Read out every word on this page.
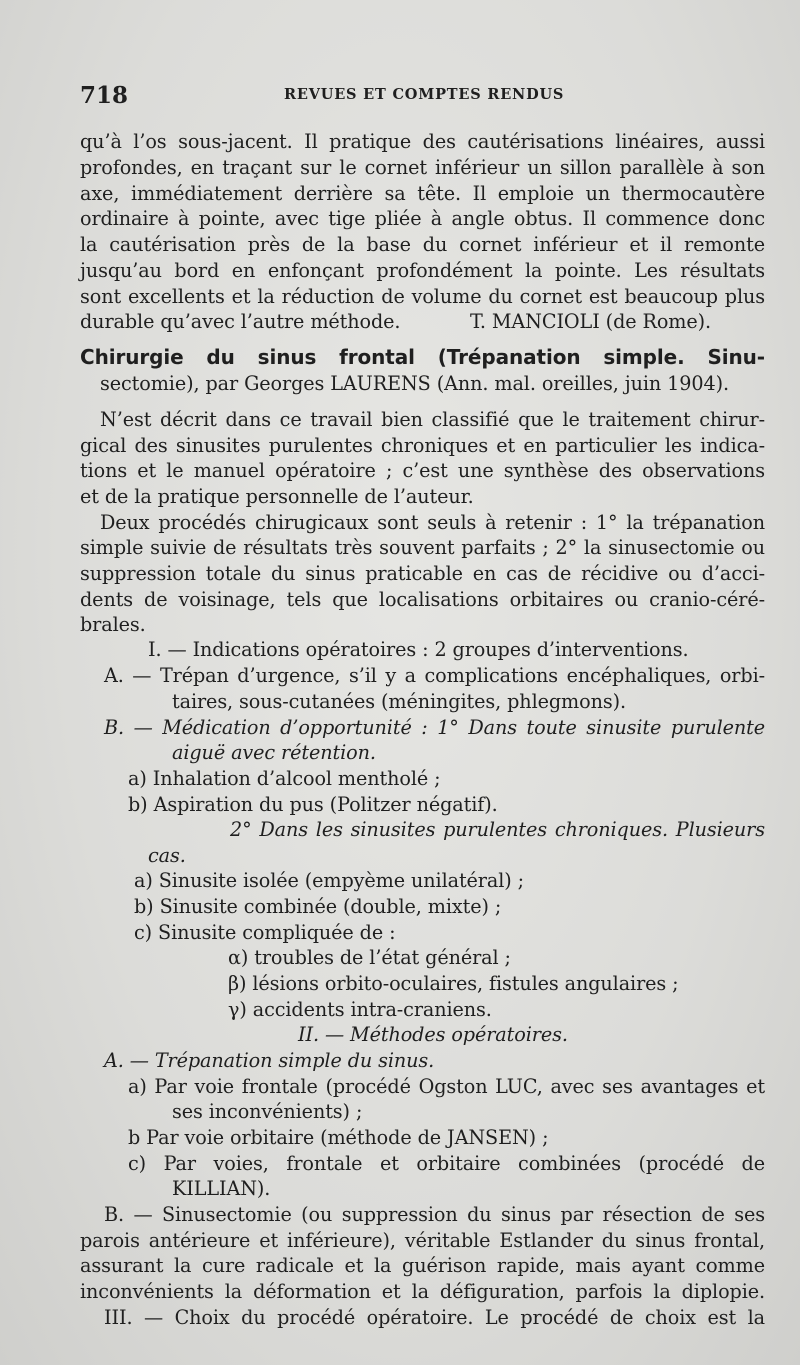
718	REVUES ET COMPTES RENDUS
qu’à l’os sous-jacent. Il pratique des cautérisations linéaires, aussi
profondes, en traçant sur le cornet inférieur un sillon parallèle à son
axe, immédiatement derrière sa tête. Il emploie un thermocautère
ordinaire à pointe, avec tige pliée à angle obtus. Il commence donc
la cautérisation près de la base du cornet inférieur et il remonte
jusqu’au bord en enfonçant profondément la pointe. Les résultats
sont excellents et la réduction de volume du cornet est beaucoup plus
durable qu’avec l’autre méthode.	T. MANCIOLI (de Rome).
Chirurgie du sinus frontal (Trépanation simple. Sinu-
sectomie), par Georges LAURENS (Ann. mal. oreilles, juin 1904).
N’est décrit dans ce travail bien classifié que le traitement chirur-
gical des sinusites purulentes chroniques et en particulier les indica-
tions et le manuel opératoire ; c’est une synthèse des observations
et de la pratique personnelle de l’auteur.
Deux procédés chirugicaux sont seuls à retenir : 1° la trépanation
simple suivie de résultats très souvent parfaits ; 2° la sinusectomie ou
suppression totale du sinus praticable en cas de récidive ou d’acci-
dents de voisinage, tels que localisations orbitaires ou cranio-céré-
brales.
I. — Indications opératoires : 2 groupes d’interventions.
A. — Trépan d’urgence, s’il y a complications encéphaliques, orbi-
taires, sous-cutanées (méningites, phlegmons).
B. — Médication d’opportunité : 1° Dans toute sinusite purulente
aiguë avec rétention.
a) Inhalation d’alcool mentholé ;
b) Aspiration du pus (Politzer négatif).
2° Dans les sinusites purulentes chroniques. Plusieurs
cas.
a) Sinusite isolée (empyème unilatéral) ;
b) Sinusite combinée (double, mixte) ;
c) Sinusite compliquée de :
α) troubles de l’état général ;
β) lésions orbito-oculaires, fistules angulaires ;
γ) accidents intra-craniens.
II. — Méthodes opératoires.
A. — Trépanation simple du sinus.
a) Par voie frontale (procédé Ogston LUC, avec ses avantages et
ses inconvénients) ;
b Par voie orbitaire (méthode de JANSEN) ;
c) Par voies, frontale et orbitaire combinées (procédé de
KILLIAN).
B. — Sinusectomie (ou suppression du sinus par résection de ses
parois antérieure et inférieure), véritable Estlander du sinus frontal,
assurant la cure radicale et la guérison rapide, mais ayant comme
inconvénients la déformation et la défiguration, parfois la diplopie.
III. — Choix du procédé opératoire. Le procédé de choix est la
